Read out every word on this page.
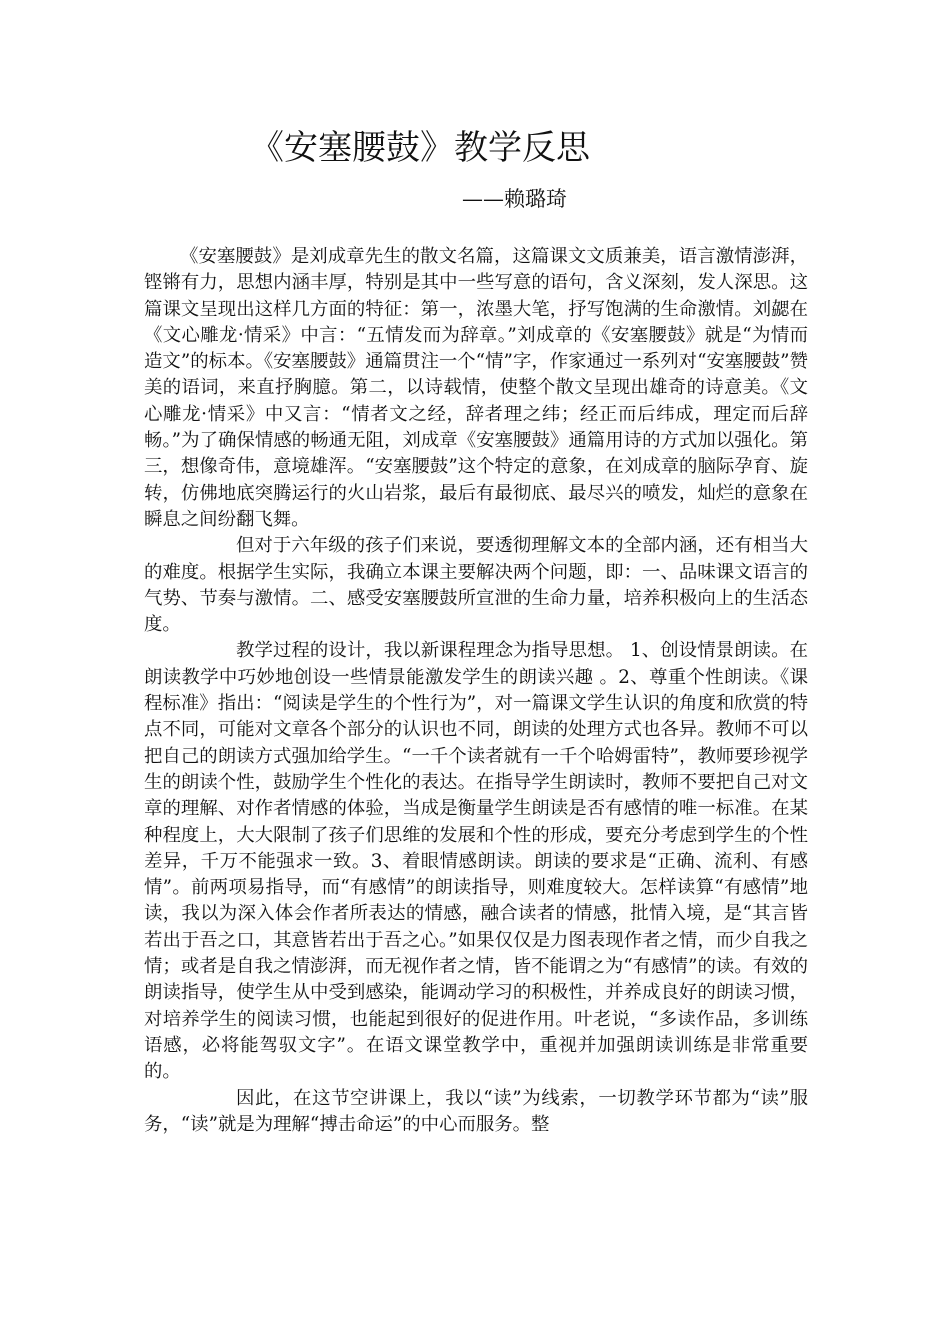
《安塞腰鼓》教学反思
——赖璐琦

《安塞腰鼓》是刘成章先生的散文名篇，这篇课文文质兼美，语言激情澎湃，铿锵有力，思想内涵丰厚，特别是其中一些写意的语句，含义深刻，发人深思。这篇课文呈现出这样几方面的特征：第一，浓墨大笔，抒写饱满的生命激情。刘勰在《文心雕龙·情采》中言：“五情发而为辞章。”刘成章的《安塞腰鼓》就是“为情而造文”的标本。《安塞腰鼓》通篇贯注一个“情”字，作家通过一系列对“安塞腰鼓”赞美的语词，来直抒胸臆。第二，以诗载情，使整个散文呈现出雄奇的诗意美。《文心雕龙·情采》中又言：“情者文之经，辞者理之纬；经正而后纬成，理定而后辞畅。”为了确保情感的畅通无阻，刘成章《安塞腰鼓》通篇用诗的方式加以强化。第三，想像奇伟，意境雄浑。“安塞腰鼓”这个特定的意象，在刘成章的脑际孕育、旋转，仿佛地底突腾运行的火山岩浆，最后有最彻底、最尽兴的喷发，灿烂的意象在瞬息之间纷翻飞舞。

但对于六年级的孩子们来说，要透彻理解文本的全部内涵，还有相当大的难度。根据学生实际，我确立本课主要解决两个问题，即：一、品味课文语言的气势、节奏与激情。二、感受安塞腰鼓所宣泄的生命力量，培养积极向上的生活态度。

教学过程的设计，我以新课程理念为指导思想。 1、创设情景朗读。在朗读教学中巧妙地创设一些情景能激发学生的朗读兴趣 。2、尊重个性朗读。《课程标准》指出：“阅读是学生的个性行为”，对一篇课文学生认识的角度和欣赏的特点不同，可能对文章各个部分的认识也不同，朗读的处理方式也各异。教师不可以把自己的朗读方式强加给学生。“一千个读者就有一千个哈姆雷特”，教师要珍视学生的朗读个性，鼓励学生个性化的表达。在指导学生朗读时，教师不要把自己对文章的理解、对作者情感的体验，当成是衡量学生朗读是否有感情的唯一标准。在某种程度上，大大限制了孩子们思维的发展和个性的形成，要充分考虑到学生的个性差异，千万不能强求一致。3、着眼情感朗读。朗读的要求是“正确、流利、有感情”。前两项易指导，而“有感情”的朗读指导，则难度较大。怎样读算“有感情”地读，我以为深入体会作者所表达的情感，融合读者的情感，批情入境，是“其言皆若出于吾之口，其意皆若出于吾之心。”如果仅仅是力图表现作者之情，而少自我之情；或者是自我之情澎湃，而无视作者之情，皆不能谓之为“有感情”的读。有效的朗读指导，使学生从中受到感染，能调动学习的积极性，并养成良好的朗读习惯，对培养学生的阅读习惯，也能起到很好的促进作用。叶老说，“多读作品，多训练语感，必将能驾驭文字”。在语文课堂教学中，重视并加强朗读训练是非常重要的。

因此，在这节空讲课上，我以“读”为线索，一切教学环节都为“读”服务，“读”就是为理解“搏击命运”的中心而服务。整
